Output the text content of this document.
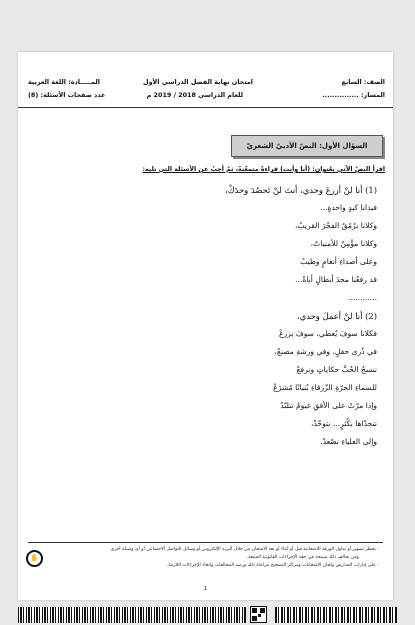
الصف: السابع
المسار: ...............
امتحان نهاية الفصل الدراسي الأول
للعام الدراسي 2018 / 2019 م
المـــــادة: اللغة العربية
عدد صفحات الأسئلة: (8)
السؤال الأول: النصّ الأدبيّ الشعريّ
اقرأ النصّ الآتي بعُنوان: (أنا وأنت) قراءةً متمعّنةً، ثمّ أجبْ عن الأسئلة التي تليه:
(1) أنا لنْ أزرعَ وحدي، أنتَ لنْ تَحصُدَ وحدَكْ،
فيدانا كيدٍ واحدةٍ...
وكلانا يرْمُقُ الفجْرَ القريبْ،
وكلانا مؤْمِنٌ للأمنياتْ،
وعلى أصداءِ أنغامٍ وطيبْ
قد رفعْنا مجدَ أبطالٍ أباةْ...
............
(2) أنا لنْ أعملَ وحدي،
فكلانا سوفَ يُعطي، سوفَ يزرعْ
في ذُرى حقلٍ، وفي ورشةِ مصنعْ،
ننسجُ الحُبَّ حكاياتٍ ونرفعْ
للسماءِ الحرّةِ الزّرقاءِ بُنيانًا مُشرَعْ
وإذا مرّتْ على الأفقِ غيومٌ تتلبّدْ
نتحدّاها بكُثرٍ... نتوحّدْ،
وإلى العلياءِ نصْعدْ.
✋
- يحظر تصوير أو تداول الورقة الامتحانية قبل أو أثناء أو بعد الامتحان من خلال البريد الإلكتروني أو وسائل التواصل الاجتماعي أو أي وسيلة أخرى
ومن يخالف ذلك سيتخذ في حقه الإجراءات القانونية المتبعة.
- على إدارات المدارس ولجان الامتحانات ومراكز التصحيح مراعاة ذلك ورصد المخالفات واتخاذ الإجراءات اللازمة.
1
